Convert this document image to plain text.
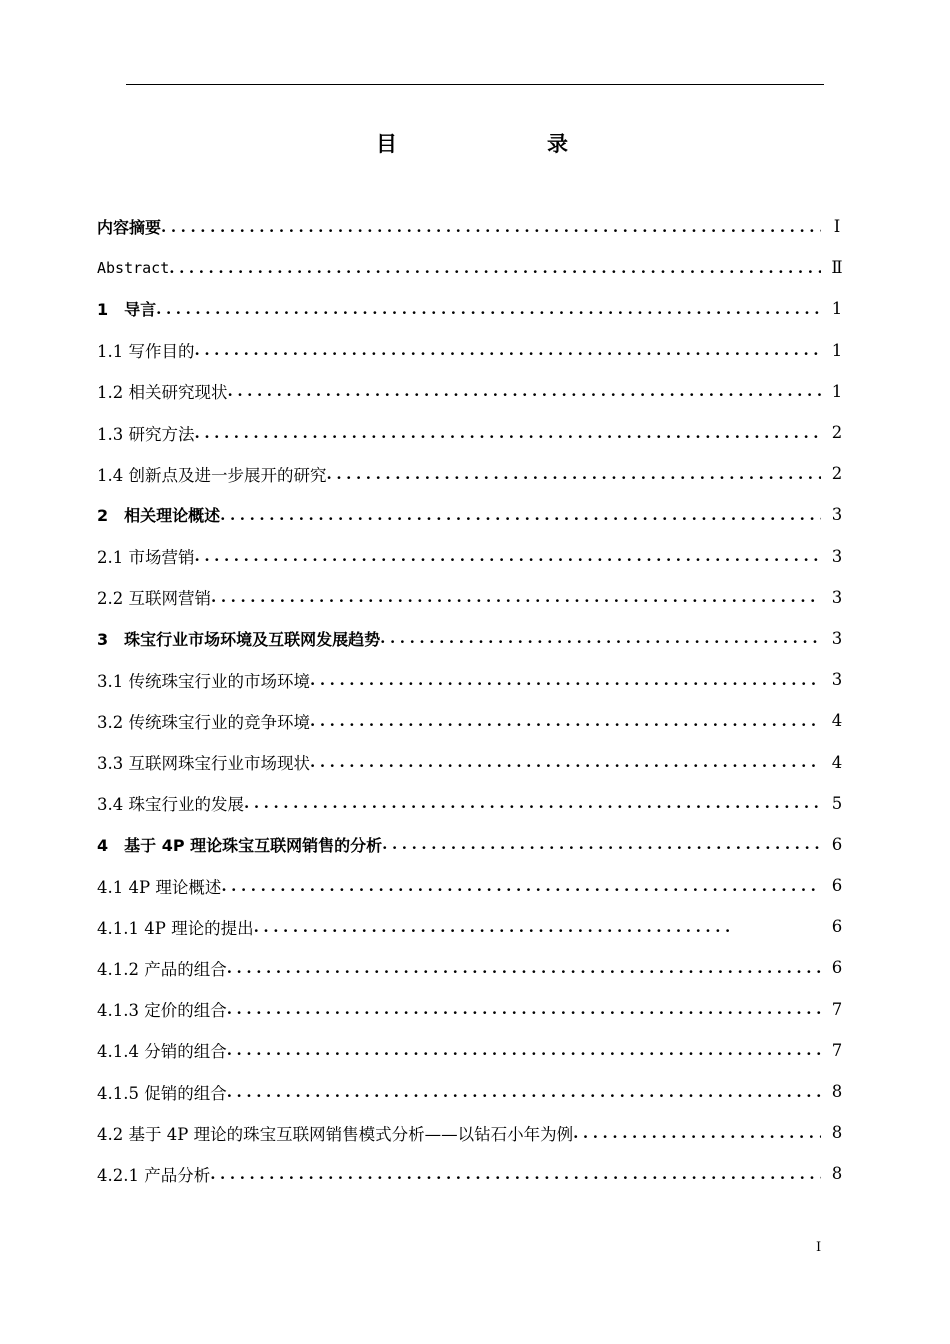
目　　录
内容摘要 .....	I
Abstract .....	Ⅱ
1　导言 .....	1
1.1 写作目的 .....	1
1.2 相关研究现状 .....	1
1.3 研究方法 .....	2
1.4 创新点及进一步展开的研究 .....	2
2　相关理论概述 .....	3
2.1 市场营销 .....	3
2.2 互联网营销 .....	3
3　珠宝行业市场环境及互联网发展趋势 .....	3
3.1 传统珠宝行业的市场环境 .....	3
3.2 传统珠宝行业的竞争环境 .....	4
3.3 互联网珠宝行业市场现状 .....	4
3.4 珠宝行业的发展 .....	5
4　基于 4P 理论珠宝互联网销售的分析 .....	6
4.1 4P 理论概述 .....	6
4.1.1 4P 理论的提出 .....	6
4.1.2 产品的组合 .....	6
4.1.3 定价的组合 .....	7
4.1.4 分销的组合 .....	7
4.1.5 促销的组合 .....	8
4.2 基于 4P 理论的珠宝互联网销售模式分析——以钻石小年为例 .....	8
4.2.1 产品分析 .....	8
I
